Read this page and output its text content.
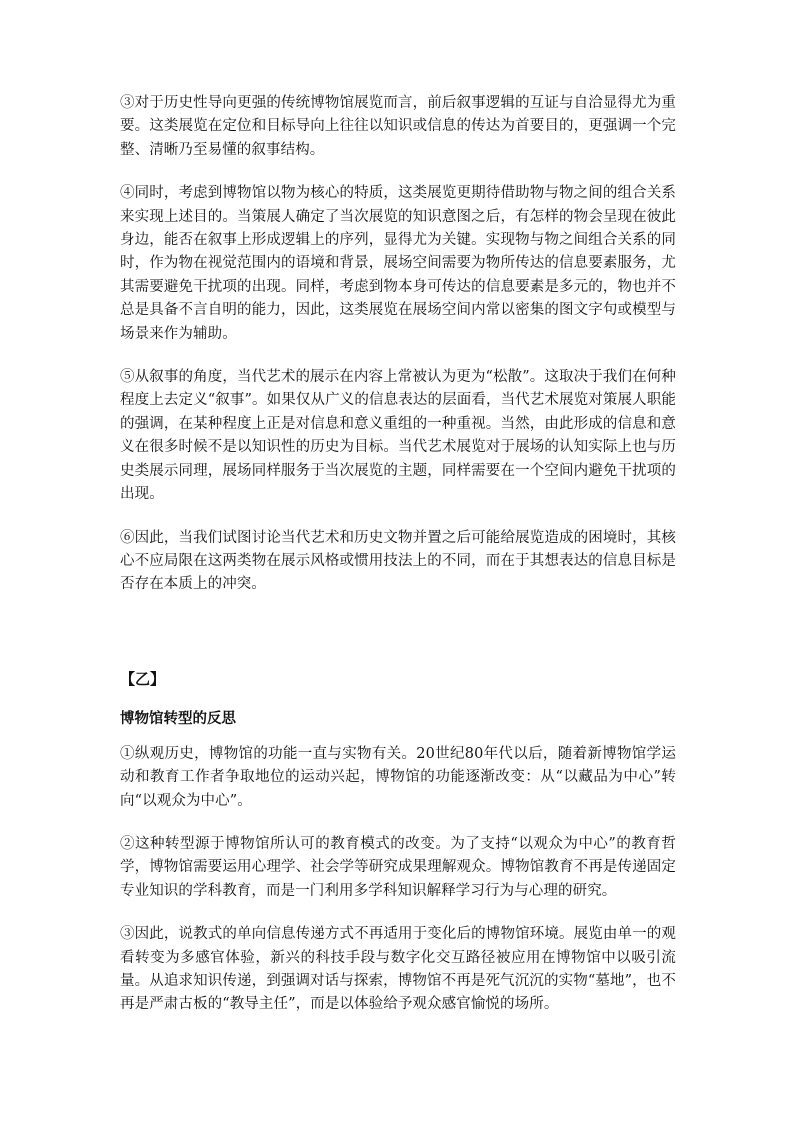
③对于历史性导向更强的传统博物馆展览而言，前后叙事逻辑的互证与自洽显得尤为重要。这类展览在定位和目标导向上往往以知识或信息的传达为首要目的，更强调一个完整、清晰乃至易懂的叙事结构。

④同时，考虑到博物馆以物为核心的特质，这类展览更期待借助物与物之间的组合关系来实现上述目的。当策展人确定了当次展览的知识意图之后，有怎样的物会呈现在彼此身边，能否在叙事上形成逻辑上的序列，显得尤为关键。实现物与物之间组合关系的同时，作为物在视觉范围内的语境和背景，展场空间需要为物所传达的信息要素服务，尤其需要避免干扰项的出现。同样，考虑到物本身可传达的信息要素是多元的，物也并不总是具备不言自明的能力，因此，这类展览在展场空间内常以密集的图文字句或模型与场景来作为辅助。

⑤从叙事的角度，当代艺术的展示在内容上常被认为更为“松散”。这取决于我们在何种程度上去定义“叙事”。如果仅从广义的信息表达的层面看，当代艺术展览对策展人职能的强调，在某种程度上正是对信息和意义重组的一种重视。当然，由此形成的信息和意义在很多时候不是以知识性的历史为目标。当代艺术展览对于展场的认知实际上也与历史类展示同理，展场同样服务于当次展览的主题，同样需要在一个空间内避免干扰项的出现。

⑥因此，当我们试图讨论当代艺术和历史文物并置之后可能给展览造成的困境时，其核心不应局限在这两类物在展示风格或惯用技法上的不同，而在于其想表达的信息目标是否存在本质上的冲突。

【乙】

博物馆转型的反思

①纵观历史，博物馆的功能一直与实物有关。20世纪80年代以后，随着新博物馆学运动和教育工作者争取地位的运动兴起，博物馆的功能逐渐改变：从“以藏品为中心”转向“以观众为中心”。

②这种转型源于博物馆所认可的教育模式的改变。为了支持“以观众为中心”的教育哲学，博物馆需要运用心理学、社会学等研究成果理解观众。博物馆教育不再是传递固定专业知识的学科教育，而是一门利用多学科知识解释学习行为与心理的研究。

③因此，说教式的单向信息传递方式不再适用于变化后的博物馆环境。展览由单一的观看转变为多感官体验，新兴的科技手段与数字化交互路径被应用在博物馆中以吸引流量。从追求知识传递，到强调对话与探索，博物馆不再是死气沉沉的实物“墓地”，也不再是严肃古板的“教导主任”，而是以体验给予观众感官愉悦的场所。
